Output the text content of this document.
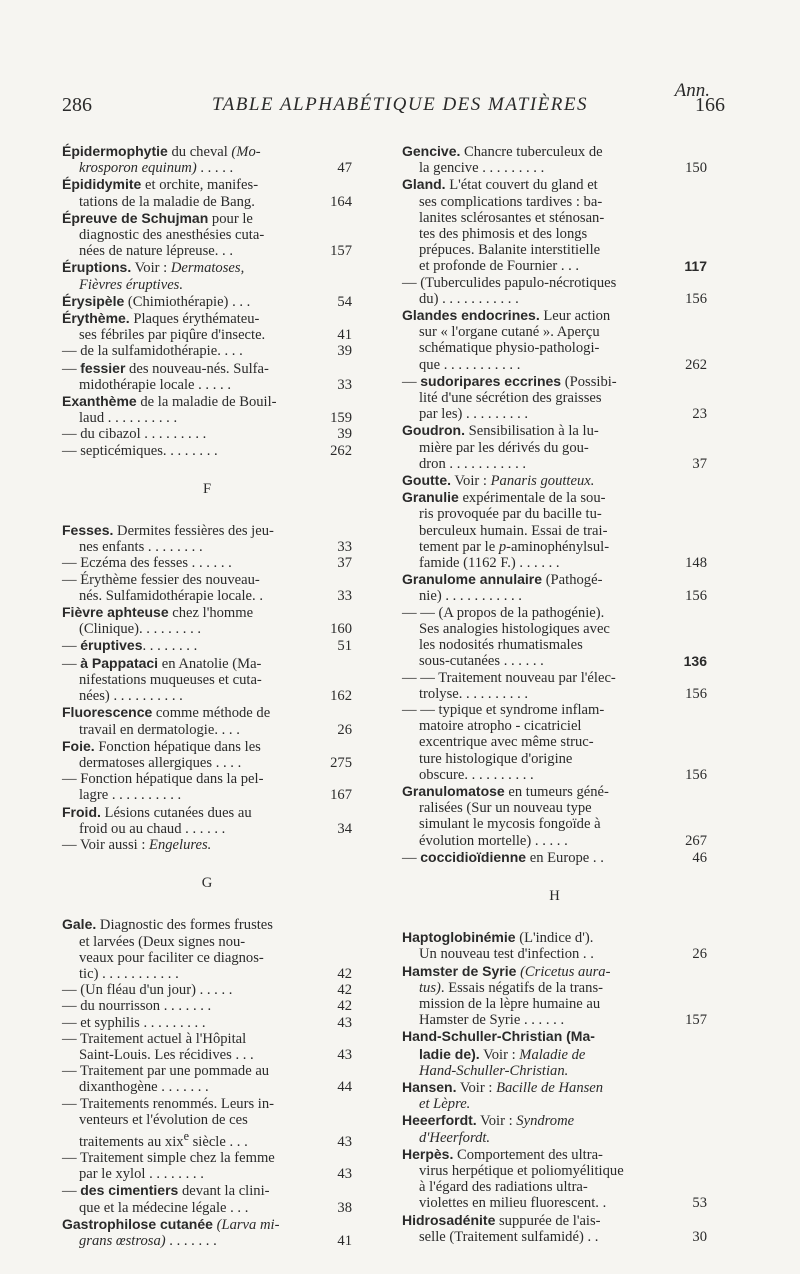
Ann.
286	TABLE ALPHABÉTIQUE DES MATIÈRES	166
Épidermophytie du cheval (Mo-
krosporon equinum) . . . . .	47
Épididymite et orchite, manifes-
tations de la maladie de Bang.	164
Épreuve de Schujman pour le
diagnostic des anesthésies cuta-
nées de nature lépreuse. . .	157
Éruptions. Voir : Dermatoses,
Fièvres éruptives.
Érysipèle (Chimiothérapie) . . .	54
Érythème. Plaques érythémateu-
ses fébriles par piqûre d'insecte.	41
— de la sulfamidothérapie. . . .	39
— fessier des nouveau-nés. Sulfa-
midothérapie locale . . . . .	33
Exanthème de la maladie de Bouil-
laud . . . . . . . . . .	159
— du cibazol . . . . . . . . .	39
— septicémiques. . . . . . . .	262
F
Fesses. Dermites fessières des jeu-
nes enfants . . . . . . . .	33
— Eczéma des fesses . . . . . .	37
— Érythème fessier des nouveau-
nés. Sulfamidothérapie locale. .	33
Fièvre aphteuse chez l'homme
(Clinique). . . . . . . . .	160
— éruptives. . . . . . . .	51
— à Pappataci en Anatolie (Ma-
nifestations muqueuses et cuta-
nées) . . . . . . . . . .	162
Fluorescence comme méthode de
travail en dermatologie. . . .	26
Foie. Fonction hépatique dans les
dermatoses allergiques . . . .	275
— Fonction hépatique dans la pel-
lagre . . . . . . . . . .	167
Froid. Lésions cutanées dues au
froid ou au chaud . . . . . .	34
— Voir aussi : Engelures.
G
Gale. Diagnostic des formes frustes
et larvées (Deux signes nou-
veaux pour faciliter ce diagnos-
tic) . . . . . . . . . . .	42
— (Un fléau d'un jour) . . . . .	42
— du nourrisson . . . . . . .	42
— et syphilis . . . . . . . . .	43
— Traitement actuel à l'Hôpital
Saint-Louis. Les récidives . . .	43
— Traitement par une pommade au
dixanthogène . . . . . . .	44
— Traitements renommés. Leurs in-
venteurs et l'évolution de ces
traitements au xix$^e$ siècle . . .	43
— Traitement simple chez la femme
par le xylol . . . . . . . .	43
— des cimentiers devant la clini-
que et la médecine légale . . .	38
Gastrophilose cutanée (Larva mi-
grans œstrosa) . . . . . . .	41
Gencive. Chancre tuberculeux de
la gencive . . . . . . . . .	150
Gland. L'état couvert du gland et
ses complications tardives : ba-
lanites sclérosantes et sténosan-
tes des phimosis et des longs
prépuces. Balanite interstitielle
et profonde de Fournier . . .	117
— (Tuberculides papulo-nécrotiques
du) . . . . . . . . . . .	156
Glandes endocrines. Leur action
sur « l'organe cutané ». Aperçu
schématique physio-pathologi-
que . . . . . . . . . . .	262
— sudoripares eccrines (Possibi-
lité d'une sécrétion des graisses
par les) . . . . . . . . .	23
Goudron. Sensibilisation à la lu-
mière par les dérivés du gou-
dron . . . . . . . . . . .	37
Goutte. Voir : Panaris goutteux.
Granulie expérimentale de la sou-
ris provoquée par du bacille tu-
berculeux humain. Essai de trai-
tement par le p-aminophénylsul-
famide (1162 F.) . . . . . .	148
Granulome annulaire (Pathogé-
nie) . . . . . . . . . . .	156
— — (A propos de la pathogénie).
Ses analogies histologiques avec
les nodosités rhumatismales
sous-cutanées . . . . . .	136
— — Traitement nouveau par l'élec-
trolyse. . . . . . . . . .	156
— — typique et syndrome inflam-
matoire atropho - cicatriciel
excentrique avec même struc-
ture histologique d'origine
obscure. . . . . . . . . .	156
Granulomatose en tumeurs géné-
ralisées (Sur un nouveau type
simulant le mycosis fongoïde à
évolution mortelle) . . . . .	267
— coccidioïdienne en Europe . .	46
H
Haptoglobinémie (L'indice d').
Un nouveau test d'infection . .	26
Hamster de Syrie (Cricetus aura-
tus). Essais négatifs de la trans-
mission de la lèpre humaine au
Hamster de Syrie . . . . . .	157
Hand-Schuller-Christian (Ma-
ladie de). Voir : Maladie de
Hand-Schuller-Christian.
Hansen. Voir : Bacille de Hansen
et Lèpre.
Heeerfordt. Voir : Syndrome
d'Heerfordt.
Herpès. Comportement des ultra-
virus herpétique et poliomyélitique
à l'égard des radiations ultra-
violettes en milieu fluorescent. .	53
Hidrosadénite suppurée de l'ais-
selle (Traitement sulfamidé) . .	30
